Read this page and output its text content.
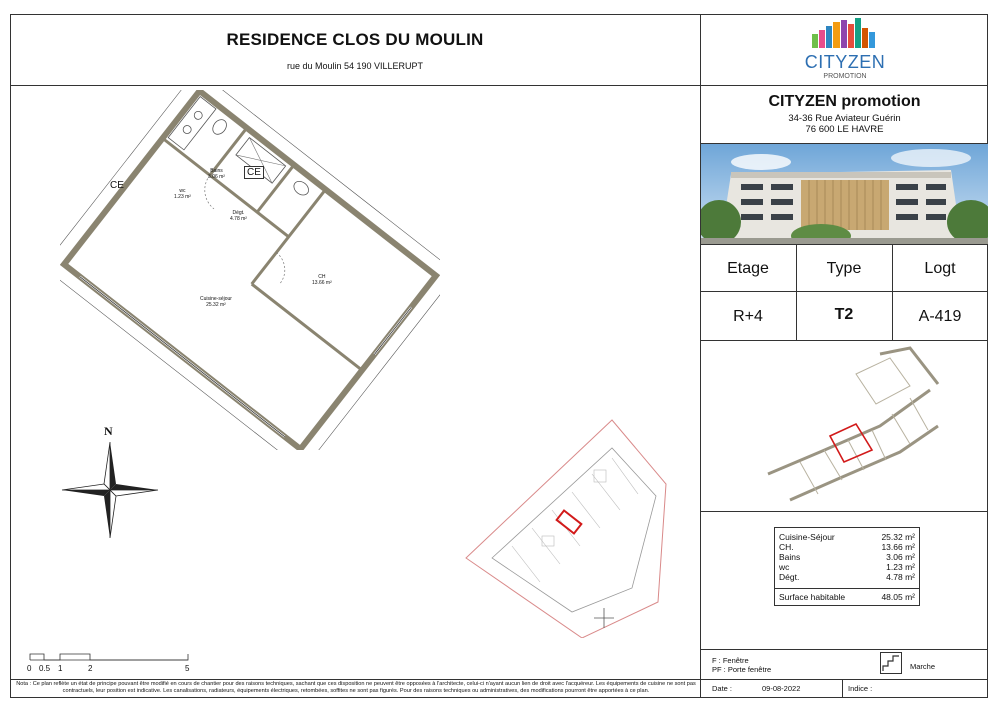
RESIDENCE CLOS DU MOULIN
rue du Moulin 54 190 VILLERUPT	CITYZEN
PROMOTION
CITYZEN promotion
34-36 Rue Aviateur Guérin
76 600 LE HAVRE
Etage	Type	Logt
R+4	T2	A-419
Cuisine-Séjour	25.32 m²
CH.	13.66 m²
Bains	3.06 m²
wc	1.23 m²
Dégt.	4.78 m²
Surface habitable	48.05 m²
F : Fenêtre
PF : Porte fenêtre	Marche
Nota : Ce plan reflète un état de principe pouvant être modifié en cours de chantier pour des raisons techniques, sachant que ces disposition ne peuvent être opposées à l'architecte, celui-ci n'ayant aucun lien de droit avec l'acquéreur. Les équipements de cuisine ne sont pas contractuels, leur position est indicative. Les canalisations, radiateurs, équipements électriques, retombées, soffites ne sont pas figurés. Pour des raisons techniques ou administratives, des modifications pourront être apportées à ce plan.	Date :	09-08-2022	Indice :
CE
CE
Bains
3.06 m²
wc
1.23 m²
Dégt.
4.78 m²
CH
13.66 m²
Cuisine-séjour
25.32 m²
N
0 0.5 1	2	5
